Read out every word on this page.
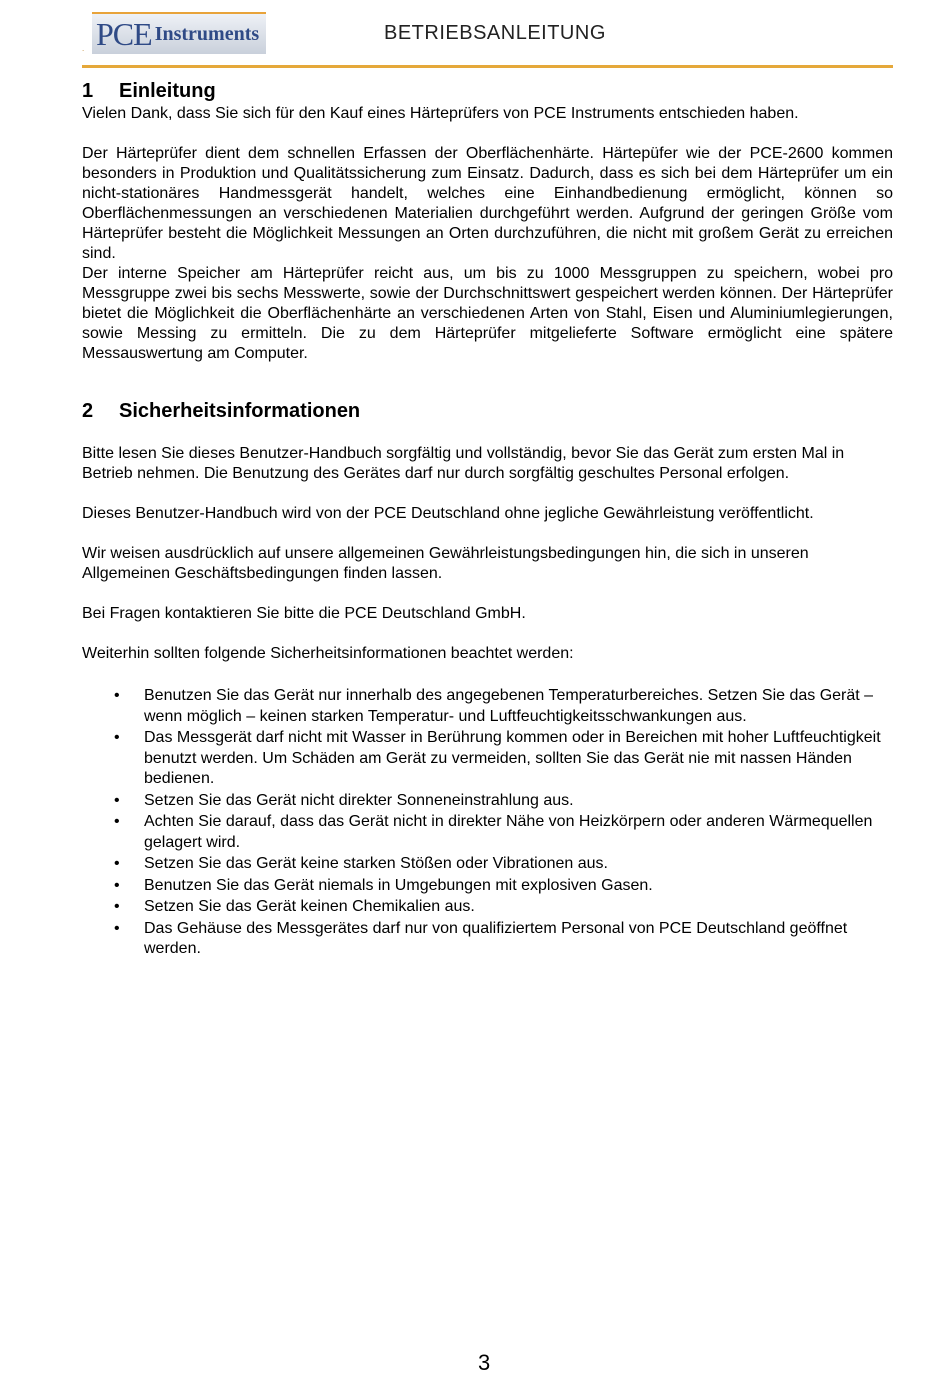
PCE Instruments
.
BETRIEBSANLEITUNG
1	Einleitung

Vielen Dank, dass Sie sich für den Kauf eines Härteprüfers von PCE Instruments entschieden haben.

Der Härteprüfer dient dem schnellen Erfassen der Oberflächenhärte. Härtepüfer wie der PCE-2600 kommen besonders in Produktion und Qualitätssicherung zum Einsatz. Dadurch, dass es sich bei dem Härteprüfer um ein nicht-stationäres Handmessgerät handelt, welches eine Einhandbedienung ermöglicht, können so Oberflächenmessungen an verschiedenen Materialien durchgeführt werden. Aufgrund der geringen Größe vom Härteprüfer besteht die Möglichkeit Messungen an Orten durchzuführen, die nicht mit großem Gerät zu erreichen sind.

Der interne Speicher am Härteprüfer reicht aus, um bis zu 1000 Messgruppen zu speichern, wobei pro Messgruppe zwei bis sechs Messwerte, sowie der Durchschnittswert gespeichert werden können. Der Härteprüfer bietet die Möglichkeit die Oberflächenhärte an verschiedenen Arten von Stahl, Eisen und Aluminiumlegierungen, sowie Messing zu ermitteln. Die zu dem Härteprüfer mitgelieferte Software ermöglicht eine spätere Messauswertung am Computer.

2	Sicherheitsinformationen

Bitte lesen Sie dieses Benutzer-Handbuch sorgfältig und vollständig, bevor Sie das Gerät zum ersten Mal in Betrieb nehmen. Die Benutzung des Gerätes darf nur durch sorgfältig geschultes Personal erfolgen.

Dieses Benutzer-Handbuch wird von der PCE Deutschland ohne jegliche Gewährleistung veröffentlicht.

Wir weisen ausdrücklich auf unsere allgemeinen Gewährleistungsbedingungen hin, die sich in unseren Allgemeinen Geschäftsbedingungen finden lassen.

Bei Fragen kontaktieren Sie bitte die PCE Deutschland GmbH.

Weiterhin sollten folgende Sicherheitsinformationen beachtet werden:

• Benutzen Sie das Gerät nur innerhalb des angegebenen Temperaturbereiches. Setzen Sie das Gerät – wenn möglich – keinen starken Temperatur- und Luftfeuchtigkeitsschwankungen aus.
• Das Messgerät darf nicht mit Wasser in Berührung kommen oder in Bereichen mit hoher Luftfeuchtigkeit benutzt werden. Um Schäden am Gerät zu vermeiden, sollten Sie das Gerät nie mit nassen Händen bedienen.
• Setzen Sie das Gerät nicht direkter Sonneneinstrahlung aus.
• Achten Sie darauf, dass das Gerät nicht in direkter Nähe von Heizkörpern oder anderen Wärmequellen gelagert wird.
• Setzen Sie das Gerät keine starken Stößen oder Vibrationen aus.
• Benutzen Sie das Gerät niemals in Umgebungen mit explosiven Gasen.
• Setzen Sie das Gerät keinen Chemikalien aus.
• Das Gehäuse des Messgerätes darf nur von qualifiziertem Personal von PCE Deutschland geöffnet werden.
3
